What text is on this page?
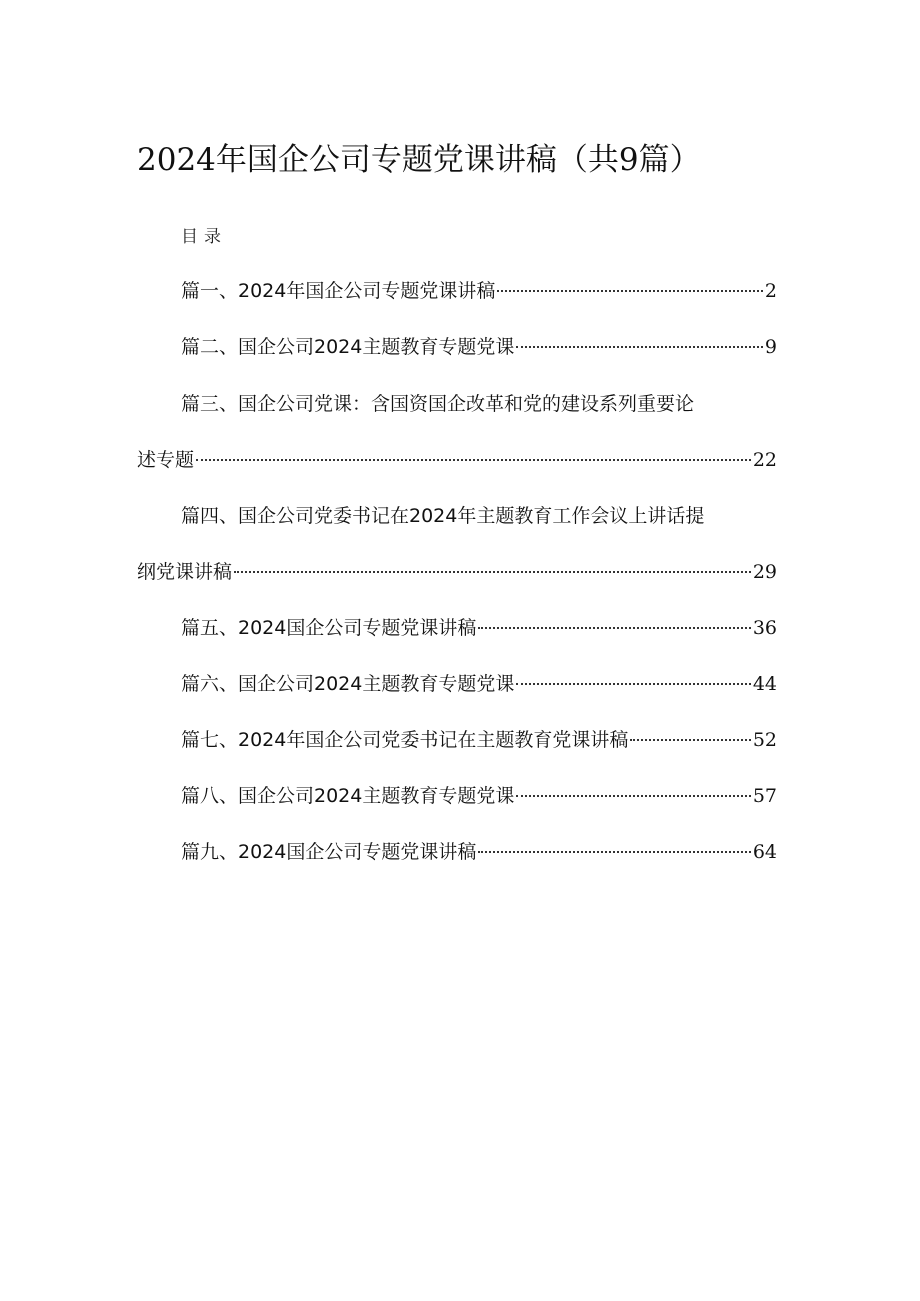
2024年国企公司专题党课讲稿（共9篇）
目录
篇一、2024年国企公司专题党课讲稿	2
篇二、国企公司2024主题教育专题党课	9
篇三、国企公司党课：含国资国企改革和党的建设系列重要论
述专题	22
篇四、国企公司党委书记在2024年主题教育工作会议上讲话提
纲党课讲稿	29
篇五、2024国企公司专题党课讲稿	36
篇六、国企公司2024主题教育专题党课	44
篇七、2024年国企公司党委书记在主题教育党课讲稿	52
篇八、国企公司2024主题教育专题党课	57
篇九、2024国企公司专题党课讲稿	64
